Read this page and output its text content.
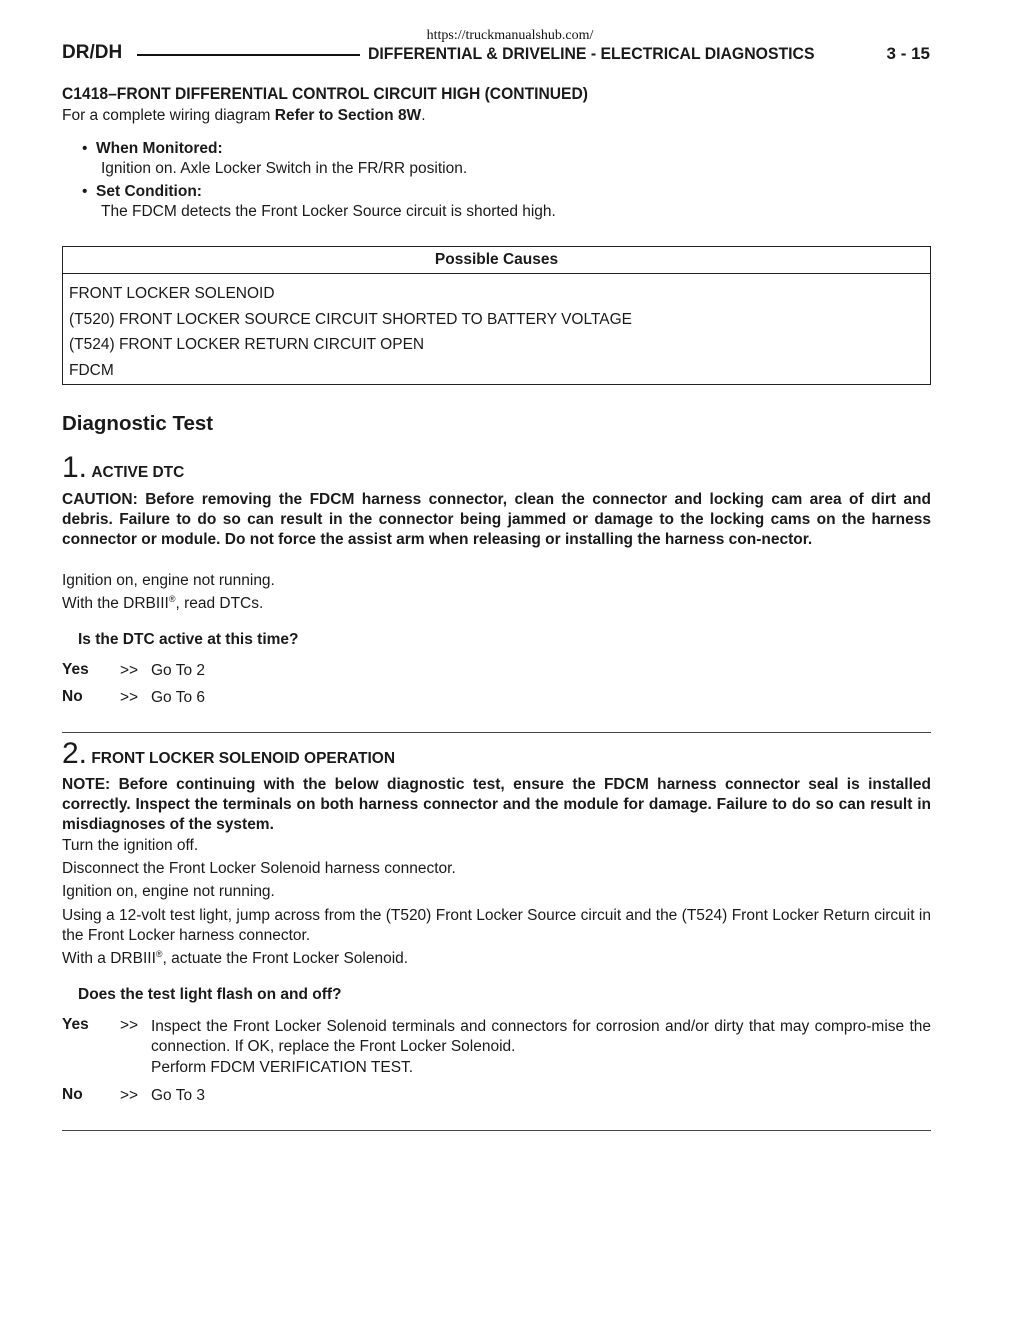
https://truckmanualshub.com/
DR/DH	DIFFERENTIAL & DRIVELINE - ELECTRICAL DIAGNOSTICS	3 - 15
C1418–FRONT DIFFERENTIAL CONTROL CIRCUIT HIGH (CONTINUED)
For a complete wiring diagram Refer to Section 8W.
•  When Monitored:
Ignition on. Axle Locker Switch in the FR/RR position.
•  Set Condition:
The FDCM detects the Front Locker Source circuit is shorted high.
Possible Causes
FRONT LOCKER SOLENOID
(T520) FRONT LOCKER SOURCE CIRCUIT SHORTED TO BATTERY VOLTAGE
(T524) FRONT LOCKER RETURN CIRCUIT OPEN
FDCM
Diagnostic Test
1. ACTIVE DTC
CAUTION: Before removing the FDCM harness connector, clean the connector and locking cam area of dirt and debris. Failure to do so can result in the connector being jammed or damage to the locking cams on the harness connector or module. Do not force the assist arm when releasing or installing the harness con-nector.
Ignition on, engine not running.
With the DRBIII®, read DTCs.
Is the DTC active at this time?
Yes >> Go To 2
No >> Go To 6
2. FRONT LOCKER SOLENOID OPERATION
NOTE: Before continuing with the below diagnostic test, ensure the FDCM harness connector seal is installed correctly. Inspect the terminals on both harness connector and the module for damage. Failure to do so can result in misdiagnoses of the system.
Turn the ignition off.
Disconnect the Front Locker Solenoid harness connector.
Ignition on, engine not running.
Using a 12-volt test light, jump across from the (T520) Front Locker Source circuit and the (T524) Front Locker Return circuit in the Front Locker harness connector.
With a DRBIII®, actuate the Front Locker Solenoid.
Does the test light flash on and off?
Yes >> Inspect the Front Locker Solenoid terminals and connectors for corrosion and/or dirty that may compro-mise the connection. If OK, replace the Front Locker Solenoid.
Perform FDCM VERIFICATION TEST.
No >> Go To 3
